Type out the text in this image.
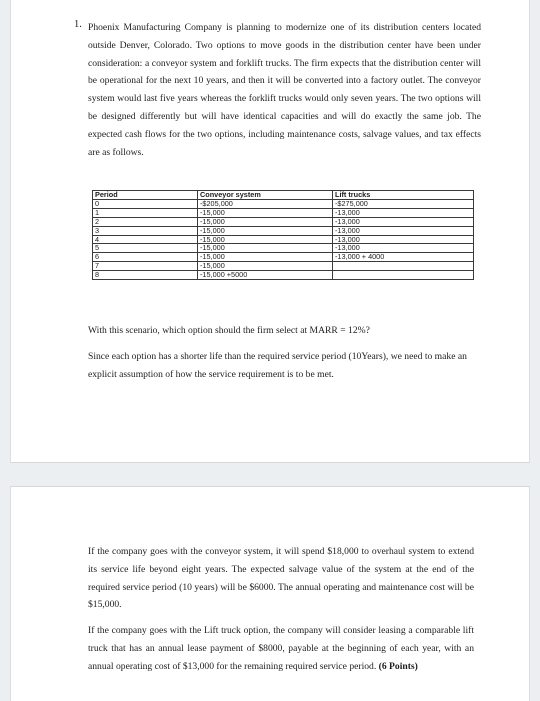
1. Phoenix Manufacturing Company is planning to modernize one of its distribution centers located outside Denver, Colorado. Two options to move goods in the distribution center have been under consideration: a conveyor system and forklift trucks. The firm expects that the distribution center will be operational for the next 10 years, and then it will be converted into a factory outlet. The conveyor system would last five years whereas the forklift trucks would only seven years. The two options will be designed differently but will have identical capacities and will do exactly the same job. The expected cash flows for the two options, including maintenance costs, salvage values, and tax effects are as follows.

Period	Conveyor system	Lift trucks
0	-$205,000	-$275,000
1	-15,000	-13,000
2	-15,000	-13,000
3	-15,000	-13,000
4	-15,000	-13,000
5	-15,000	-13,000
6	-15,000	-13,000 + 4000
7	-15,000	
8	-15,000 +5000	

With this scenario, which option should the firm select at MARR = 12%?

Since each option has a shorter life than the required service period (10Years), we need to make an explicit assumption of how the service requirement is to be met.

If the company goes with the conveyor system, it will spend $18,000 to overhaul system to extend its service life beyond eight years. The expected salvage value of the system at the end of the required service period (10 years) will be $6000. The annual operating and maintenance cost will be $15,000.

If the company goes with the Lift truck option, the company will consider leasing a comparable lift truck that has an annual lease payment of $8000, payable at the beginning of each year, with an annual operating cost of $13,000 for the remaining required service period. (6 Points)
